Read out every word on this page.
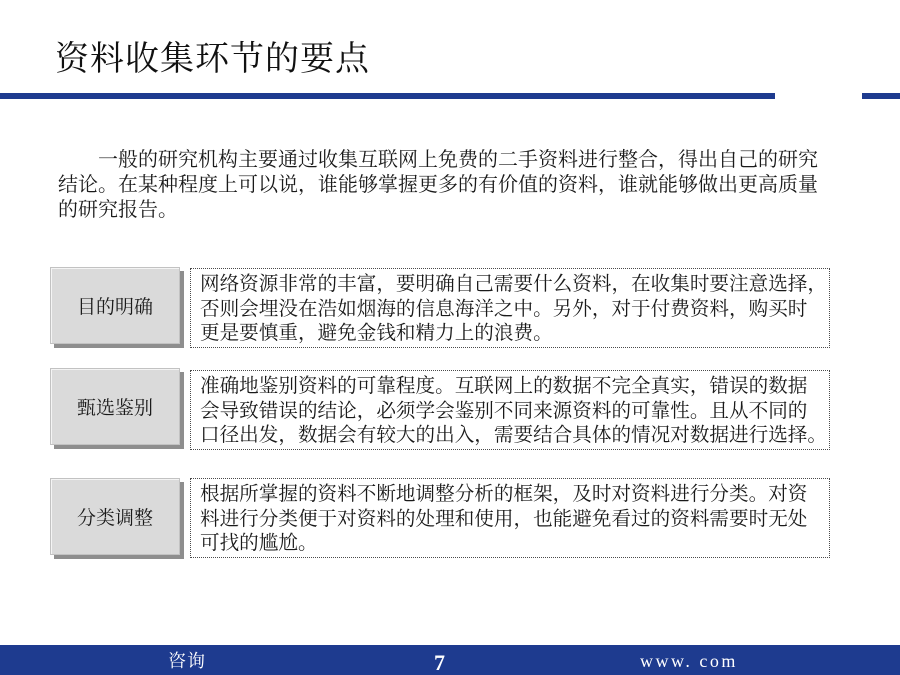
资料收集环节的要点
一般的研究机构主要通过收集互联网上免费的二手资料进行整合，得出自己的研究
结论。在某种程度上可以说，谁能够掌握更多的有价值的资料，谁就能够做出更高质量
的研究报告。
目的明确
网络资源非常的丰富，要明确自己需要什么资料，在收集时要注意选择，
否则会埋没在浩如烟海的信息海洋之中。另外，对于付费资料，购买时
更是要慎重，避免金钱和精力上的浪费。
甄选鉴别
准确地鉴别资料的可靠程度。互联网上的数据不完全真实，错误的数据
会导致错误的结论，必须学会鉴别不同来源资料的可靠性。且从不同的
口径出发，数据会有较大的出入，需要结合具体的情况对数据进行选择。
分类调整
根据所掌握的资料不断地调整分析的框架，及时对资料进行分类。对资
料进行分类便于对资料的处理和使用，也能避免看过的资料需要时无处
可找的尴尬。
咨询	7	www. com
